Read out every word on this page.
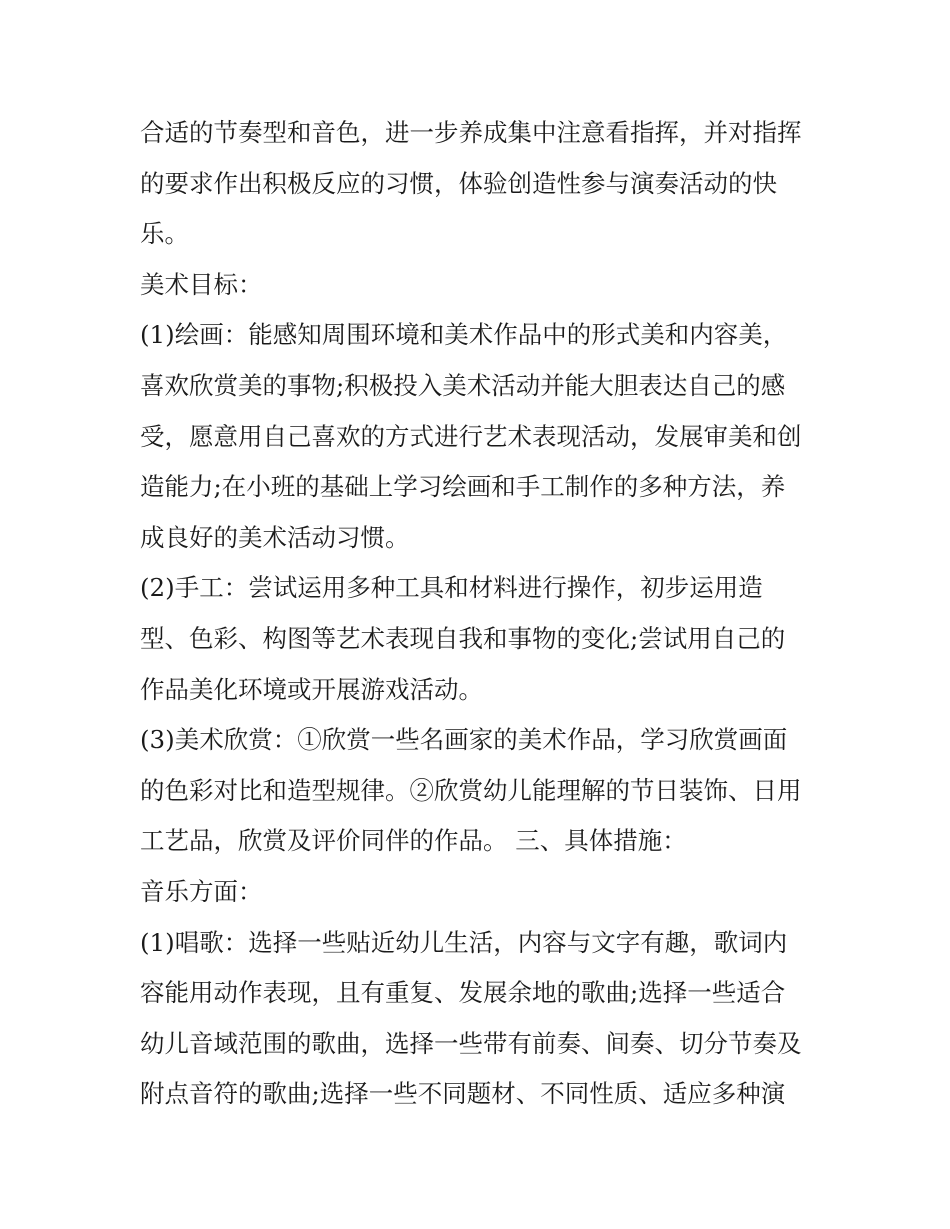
合适的节奏型和音色，进一步养成集中注意看指挥，并对指挥
的要求作出积极反应的习惯，体验创造性参与演奏活动的快
乐。
美术目标：
(1)绘画：能感知周围环境和美术作品中的形式美和内容美，
喜欢欣赏美的事物;积极投入美术活动并能大胆表达自己的感
受，愿意用自己喜欢的方式进行艺术表现活动，发展审美和创
造能力;在小班的基础上学习绘画和手工制作的多种方法，养
成良好的美术活动习惯。
(2)手工：尝试运用多种工具和材料进行操作，初步运用造
型、色彩、构图等艺术表现自我和事物的变化;尝试用自己的
作品美化环境或开展游戏活动。
(3)美术欣赏：①欣赏一些名画家的美术作品，学习欣赏画面
的色彩对比和造型规律。②欣赏幼儿能理解的节日装饰、日用
工艺品，欣赏及评价同伴的作品。 三、具体措施：
音乐方面：
(1)唱歌：选择一些贴近幼儿生活，内容与文字有趣，歌词内
容能用动作表现，且有重复、发展余地的歌曲;选择一些适合
幼儿音域范围的歌曲，选择一些带有前奏、间奏、切分节奏及
附点音符的歌曲;选择一些不同题材、不同性质、适应多种演
